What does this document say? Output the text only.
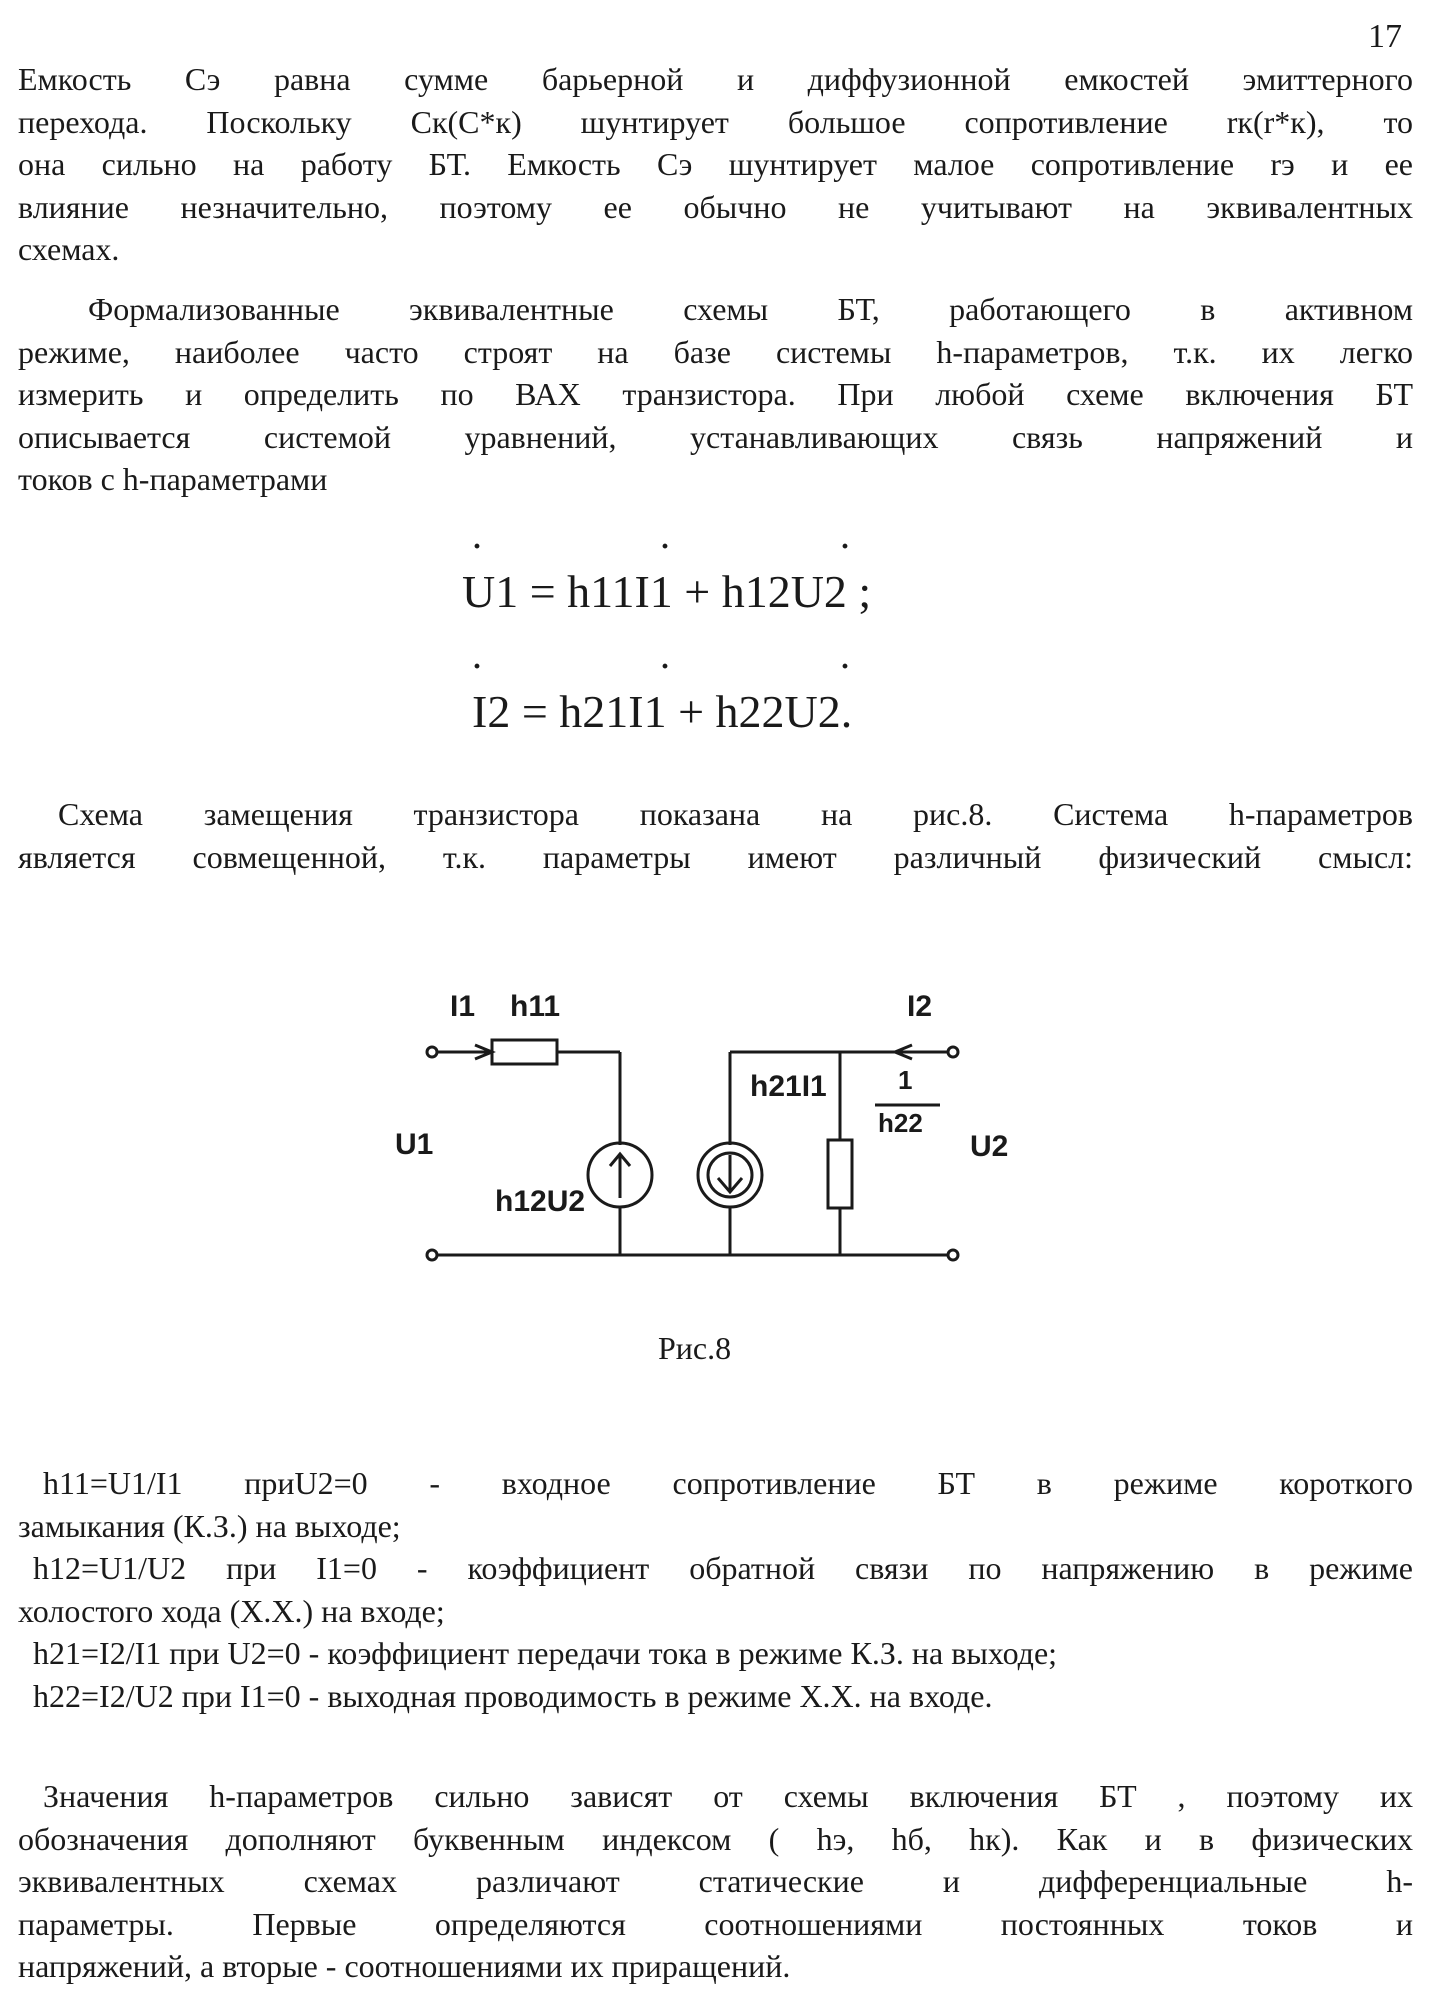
17
Емкость Сэ равна сумме барьерной и диффузионной емкостей эмиттерного
перехода. Поскольку Ск(С*к) шунтирует большое сопротивление rк(r*к), то
она сильно на работу БТ. Емкость Сэ шунтирует малое сопротивление rэ и ее
влияние незначительно, поэтому ее обычно не учитывают на эквивалентных
схемах.
Формализованные эквивалентные схемы БТ, работающего в активном
режиме, наиболее часто строят на базе системы h-параметров, т.к. их легко
измерить и определить по ВАХ транзистора. При любой схеме включения БТ
описывается системой уравнений, устанавливающих связь напряжений и
токов с h-параметрами
·	·	·
U1 = h11I1 + h12U2 ;
·	·	·
I2 = h21I1 + h22U2.
Схема замещения транзистора показана на рис.8. Система h-параметров
является совмещенной, т.к. параметры имеют различный физический смысл:
I1 h11	I2
h21I1	1
h22
U1	U2
h12U2
Рис.8
h11=U1/I1 приU2=0 - входное сопротивление БТ в режиме короткого
замыкания (К.З.) на выходе;
h12=U1/U2 при I1=0 - коэффициент обратной связи по напряжению в режиме
холостого хода (Х.Х.) на входе;
h21=I2/I1 при U2=0 - коэффициент передачи тока в режиме К.З. на выходе;
h22=I2/U2 при I1=0 - выходная проводимость в режиме Х.Х. на входе.
Значения h-параметров сильно зависят от схемы включения БТ , поэтому их
обозначения дополняют буквенным индексом ( hэ, hб, hк). Как и в физических
эквивалентных схемах различают статические и дифференциальные h-
параметры. Первые определяются соотношениями постоянных токов и
напряжений, а вторые - соотношениями их приращений.
